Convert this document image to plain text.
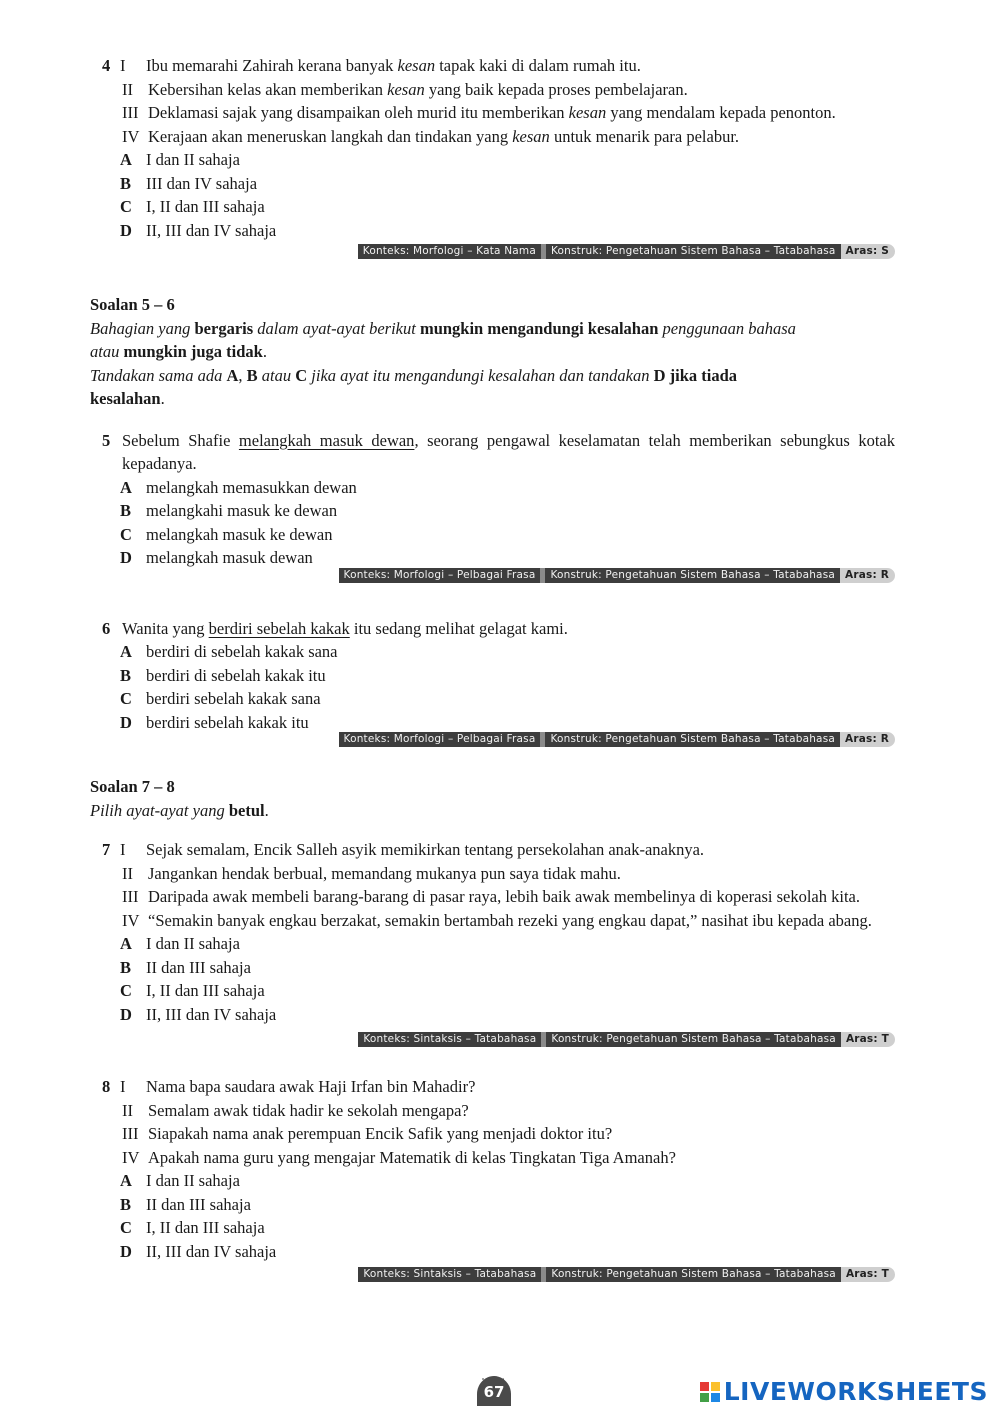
4 I	Ibu memarahi Zahirah kerana banyak kesan tapak kaki di dalam rumah itu.
II Kebersihan kelas akan memberikan kesan yang baik kepada proses pembelajaran.
III Deklamasi sajak yang disampaikan oleh murid itu memberikan kesan yang mendalam kepada penonton.
IV Kerajaan akan meneruskan langkah dan tindakan yang kesan untuk menarik para pelabur.
A I dan II sahaja
B III dan IV sahaja
C I, II dan III sahaja
D II, III dan IV sahaja
Konteks: Morfologi – Kata Nama	Konstruk: Pengetahuan Sistem Bahasa – Tatabahasa Aras: S
Soalan 5 – 6
Bahagian yang bergaris dalam ayat-ayat berikut mungkin mengandungi kesalahan penggunaan bahasa
atau mungkin juga tidak.
Tandakan sama ada A, B atau C jika ayat itu mengandungi kesalahan dan tandakan D jika tiada
kesalahan.
5 Sebelum Shafie melangkah masuk dewan, seorang pengawal keselamatan telah memberikan sebungkus kotak kepadanya.
A melangkah memasukkan dewan
B melangkahi masuk ke dewan
C melangkah masuk ke dewan
D melangkah masuk dewan
Konteks: Morfologi – Pelbagai Frasa	Konstruk: Pengetahuan Sistem Bahasa – Tatabahasa Aras: R
6 Wanita yang berdiri sebelah kakak itu sedang melihat gelagat kami.
A berdiri di sebelah kakak sana
B berdiri di sebelah kakak itu
C berdiri sebelah kakak sana
D berdiri sebelah kakak itu
Konteks: Morfologi – Pelbagai Frasa	Konstruk: Pengetahuan Sistem Bahasa – Tatabahasa Aras: R
Soalan 7 – 8
Pilih ayat-ayat yang betul.
7 I	Sejak semalam, Encik Salleh asyik memikirkan tentang persekolahan anak-anaknya.
II Jangankan hendak berbual, memandang mukanya pun saya tidak mahu.
III Daripada awak membeli barang-barang di pasar raya, lebih baik awak membelinya di koperasi sekolah kita.
IV “Semakin banyak engkau berzakat, semakin bertambah rezeki yang engkau dapat,” nasihat ibu kepada abang.
A I dan II sahaja
B II dan III sahaja
C I, II dan III sahaja
D II, III dan IV sahaja
Konteks: Sintaksis – Tatabahasa	Konstruk: Pengetahuan Sistem Bahasa – Tatabahasa Aras: T
8 I	Nama bapa saudara awak Haji Irfan bin Mahadir?
II Semalam awak tidak hadir ke sekolah mengapa?
III Siapakah nama anak perempuan Encik Safik yang menjadi doktor itu?
IV Apakah nama guru yang mengajar Matematik di kelas Tingkatan Tiga Amanah?
A I dan II sahaja
B II dan III sahaja
C I, II dan III sahaja
D II, III dan IV sahaja
Konteks: Sintaksis – Tatabahasa	Konstruk: Pengetahuan Sistem Bahasa – Tatabahasa Aras: T
67	LIVEWORKSHEETS
